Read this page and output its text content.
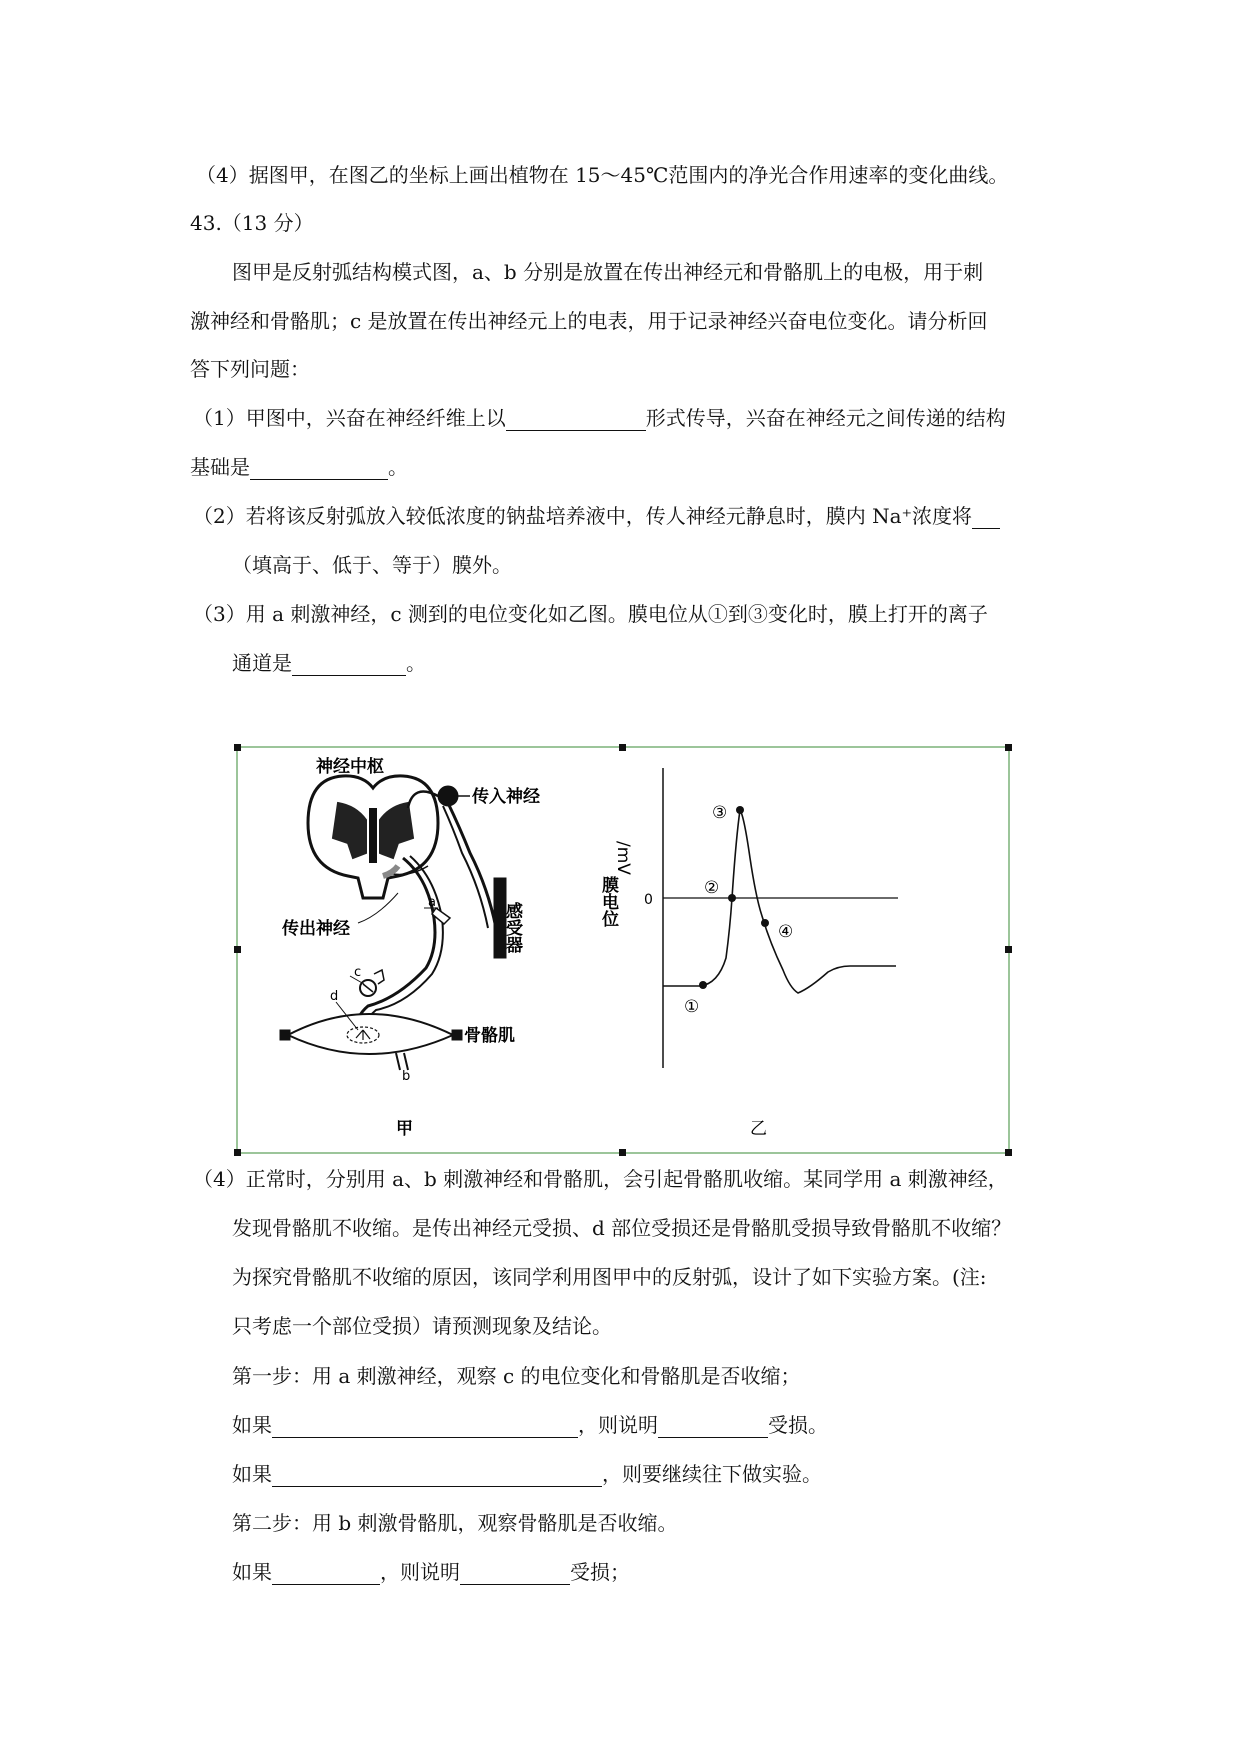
（4）据图甲，在图乙的坐标上画出植物在 15～45℃范围内的净光合作用速率的变化曲线。
43.（13 分）
图甲是反射弧结构模式图，a、b 分别是放置在传出神经元和骨骼肌上的电极，用于刺
激神经和骨骼肌；c 是放置在传出神经元上的电表，用于记录神经兴奋电位变化。请分析回
答下列问题：
（1）甲图中，兴奋在神经纤维上以	形式传导，兴奋在神经元之间传递的结构
基础是	。
（2）若将该反射弧放入较低浓度的钠盐培养液中，传人神经元静息时，膜内 Na⁺浓度将
（填高于、低于、等于）膜外。
（3）用 a 刺激神经，c 测到的电位变化如乙图。膜电位从①到③变化时，膜上打开的离子
通道是	。
神经中枢
传入神经
传出神经	感受器
骨骼肌
a
b
c
d
甲
/mV
膜电位 0
①
②
③
④
乙
（4）正常时，分别用 a、b 刺激神经和骨骼肌，会引起骨骼肌收缩。某同学用 a 刺激神经，
发现骨骼肌不收缩。是传出神经元受损、d 部位受损还是骨骼肌受损导致骨骼肌不收缩？
为探究骨骼肌不收缩的原因，该同学利用图甲中的反射弧，设计了如下实验方案。(注:
只考虑一个部位受损）请预测现象及结论。
第一步：用 a 刺激神经，观察 c 的电位变化和骨骼肌是否收缩；
如果	，则说明	受损。
如果	，则要继续往下做实验。
第二步：用 b 刺激骨骼肌，观察骨骼肌是否收缩。
如果	，则说明	受损；
